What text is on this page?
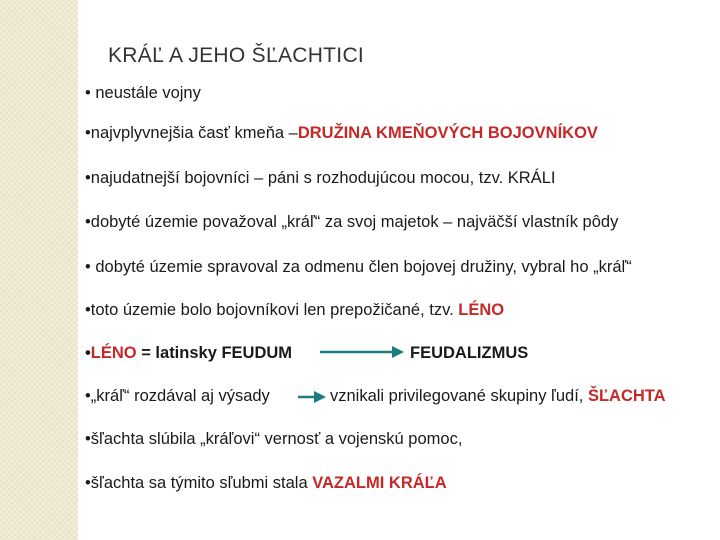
KRÁĽ A JEHO ŠĽACHTICI
• neustále vojny
•najvplyvnejšia časť kmeňa –DRUŽINA KMEŇOVÝCH BOJOVNÍKOV
•najudatnejší bojovníci – páni s rozhodujúcou mocou, tzv. KRÁLI
•dobyté územie považoval „kráľ“ za svoj majetok – najväčší vlastník pôdy
• dobyté územie spravoval za odmenu člen bojovej družiny, vybral ho „kráľ“
•toto územie bolo bojovníkovi len prepožičané, tzv. LÉNO
•LÉNO = latinsky FEUDUM	FEUDALIZMUS
•„kráľ“ rozdával aj výsady	vznikali privilegované skupiny ľudí, ŠĽACHTA
•šľachta slúbila „kráľovi“ vernosť a vojenskú pomoc,
•šľachta sa týmito sľubmi stala VAZALMI KRÁĽA
